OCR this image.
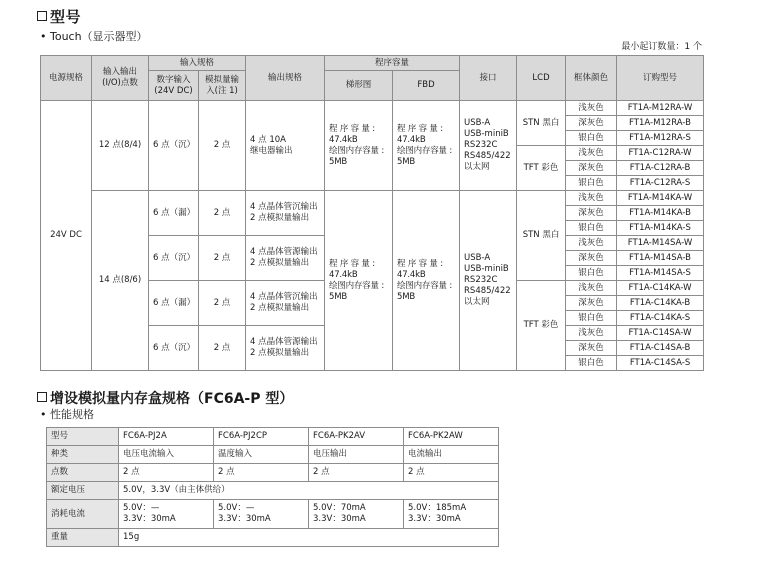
型号
• Touch（显示器型）
最小起订数量：1 个
电源规格	输入输出
(I/O)点数	输入规格		输出规格	程序容量		接口	LCD	框体颜色	订购型号
		数字输入
(24V DC)	模拟量输
入(注 1)		梯形图	FBD				

24V DC	12 点(8/4)	6 点（沉）	2 点	4 点 10A
继电器输出	程 序 容 量 :
47.4kB
绘图内存容量 :
5MB	程 序 容 量 :
47.4kB
绘图内存容量 :
5MB	USB-A
USB-miniB
RS232C
RS485/422
以太网	STN 黑白	浅灰色	FT1A-M12RA-W
									深灰色	FT1A-M12RA-B
									银白色	FT1A-M12RA-S
								TFT 彩色	浅灰色	FT1A-C12RA-W
									深灰色	FT1A-C12RA-B
									银白色	FT1A-C12RA-S
	14 点(8/6)	6 点（漏）	2 点	4 点晶体管沉输出
2 点模拟量输出	程 序 容 量 :
47.4kB
绘图内存容量 :
5MB	程 序 容 量 :
47.4kB
绘图内存容量 :
5MB	USB-A
USB-miniB
RS232C
RS485/422
以太网	STN 黑白	浅灰色	FT1A-M14KA-W
									深灰色	FT1A-M14KA-B
									银白色	FT1A-M14KA-S
		6 点（沉）	2 点	4 点晶体管源输出
2 点模拟量输出					浅灰色	FT1A-M14SA-W
									深灰色	FT1A-M14SA-B
									银白色	FT1A-M14SA-S
		6 点（漏）	2 点	4 点晶体管沉输出
2 点模拟量输出				TFT 彩色	浅灰色	FT1A-C14KA-W
									深灰色	FT1A-C14KA-B
									银白色	FT1A-C14KA-S
		6 点（沉）	2 点	4 点晶体管源输出
2 点模拟量输出					浅灰色	FT1A-C14SA-W
									深灰色	FT1A-C14SA-B
									银白色	FT1A-C14SA-S
增设模拟量内存盒规格（FC6A-P 型）
• 性能规格
型号	FC6A-PJ2A	FC6A-PJ2CP	FC6A-PK2AV	FC6A-PK2AW
种类	电压电流输入	温度输入	电压输出	电流输出
点数	2 点	2 点	2 点	2 点
额定电压	5.0V，3.3V（由主体供给）			
消耗电流	5.0V：—
3.3V：30mA	5.0V：—
3.3V：30mA	5.0V：70mA
3.3V：30mA	5.0V：185mA
3.3V：30mA
重量	15g			
